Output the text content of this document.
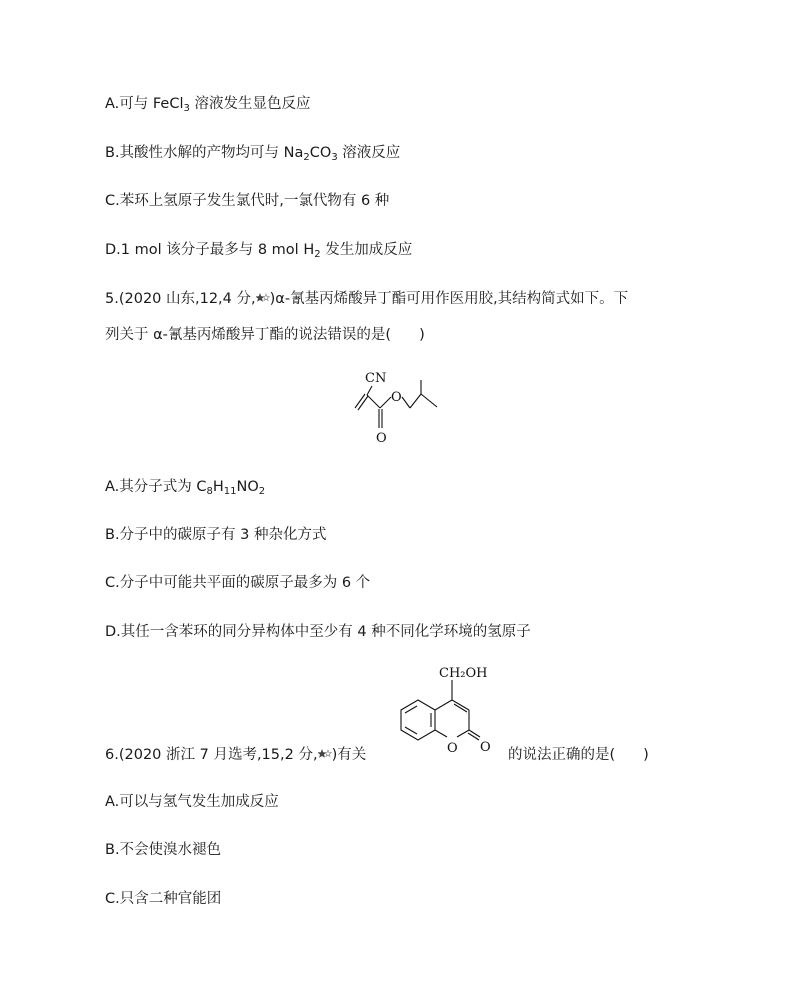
A.可与 FeCl$_3$ 溶液发生显色反应
B.其酸性水解的产物均可与 $Na_2CO_3$ 溶液反应
C.苯环上氢原子发生氯代时,一氯代物有 6 种
D.1 mol 该分子最多与 8 mol $H_2$ 发生加成反应
5.(2020 山东,12,4 分, )α-氰基丙烯酸异丁酯可用作医用胶,其结构简式如下。下
列关于 α-氰基丙烯酸异丁酯的说法错误的是( )
CN
O
O
A.其分子式为 $C_8H_{11}NO_2$
B.分子中的碳原子有 3 种杂化方式
C.分子中可能共平面的碳原子最多为 6 个
D.其任一含苯环的同分异构体中至少有 4 种不同化学环境的氢原子
CH₂OH
O O
6.(2020 浙江 7 月选考,15,2 分, )有关	的说法正确的是( )
A.可以与氢气发生加成反应
B.不会使溴水褪色
C.只含二种官能团
